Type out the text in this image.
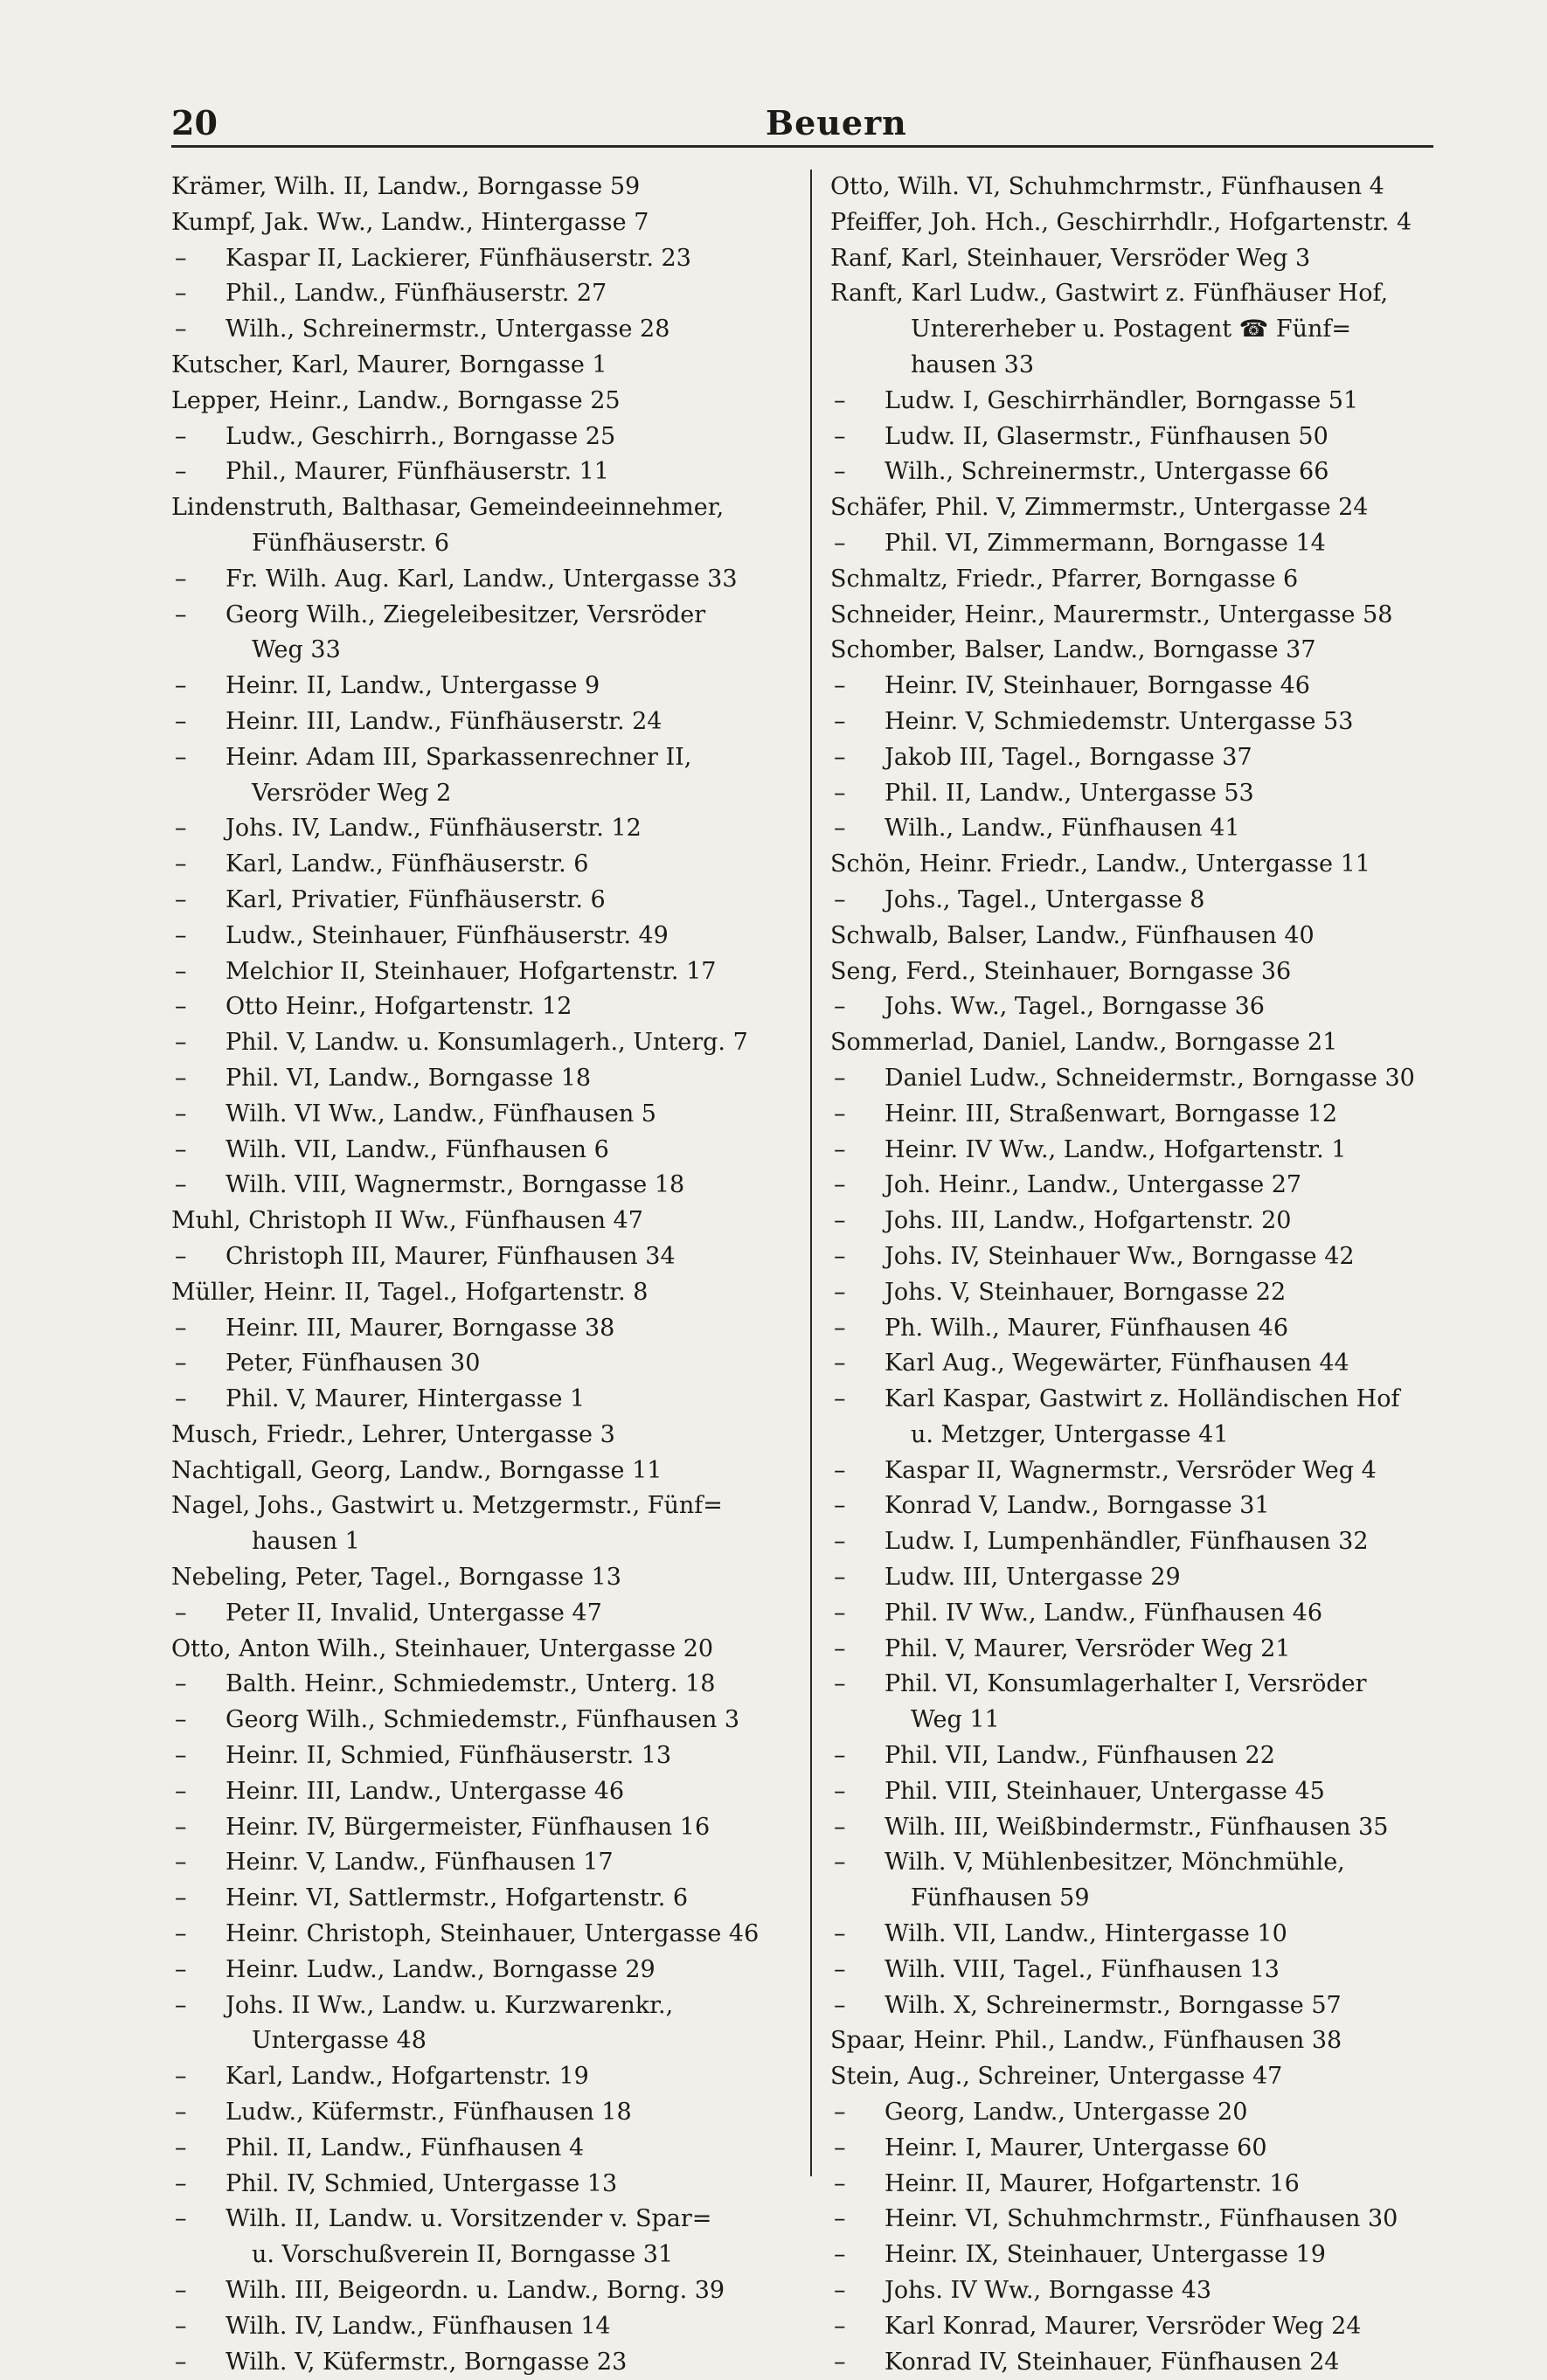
20	Beuern
Krämer, Wilh. II, Landw., Borngasse 59
Kumpf, Jak. Ww., Landw., Hintergasse 7
– Kaspar II, Lackierer, Fünfhäuserstr. 23
– Phil., Landw., Fünfhäuserstr. 27
– Wilh., Schreinermstr., Untergasse 28
Kutscher, Karl, Maurer, Borngasse 1
Lepper, Heinr., Landw., Borngasse 25
– Ludw., Geschirrh., Borngasse 25
– Phil., Maurer, Fünfhäuserstr. 11
Lindenstruth, Balthasar, Gemeindeeinnehmer,
Fünfhäuserstr. 6
– Fr. Wilh. Aug. Karl, Landw., Untergasse 33
– Georg Wilh., Ziegeleibesitzer, Versröder
Weg 33
– Heinr. II, Landw., Untergasse 9
– Heinr. III, Landw., Fünfhäuserstr. 24
– Heinr. Adam III, Sparkassenrechner II,
Versröder Weg 2
– Johs. IV, Landw., Fünfhäuserstr. 12
– Karl, Landw., Fünfhäuserstr. 6
– Karl, Privatier, Fünfhäuserstr. 6
– Ludw., Steinhauer, Fünfhäuserstr. 49
– Melchior II, Steinhauer, Hofgartenstr. 17
– Otto Heinr., Hofgartenstr. 12
– Phil. V, Landw. u. Konsumlagerh., Unterg. 7
– Phil. VI, Landw., Borngasse 18
– Wilh. VI Ww., Landw., Fünfhausen 5
– Wilh. VII, Landw., Fünfhausen 6
– Wilh. VIII, Wagnermstr., Borngasse 18
Muhl, Christoph II Ww., Fünfhausen 47
– Christoph III, Maurer, Fünfhausen 34
Müller, Heinr. II, Tagel., Hofgartenstr. 8
– Heinr. III, Maurer, Borngasse 38
– Peter, Fünfhausen 30
– Phil. V, Maurer, Hintergasse 1
Musch, Friedr., Lehrer, Untergasse 3
Nachtigall, Georg, Landw., Borngasse 11
Nagel, Johs., Gastwirt u. Metzgermstr., Fünf=
hausen 1
Nebeling, Peter, Tagel., Borngasse 13
– Peter II, Invalid, Untergasse 47
Otto, Anton Wilh., Steinhauer, Untergasse 20
– Balth. Heinr., Schmiedemstr., Unterg. 18
– Georg Wilh., Schmiedemstr., Fünfhausen 3
– Heinr. II, Schmied, Fünfhäuserstr. 13
– Heinr. III, Landw., Untergasse 46
– Heinr. IV, Bürgermeister, Fünfhausen 16
– Heinr. V, Landw., Fünfhausen 17
– Heinr. VI, Sattlermstr., Hofgartenstr. 6
– Heinr. Christoph, Steinhauer, Untergasse 46
– Heinr. Ludw., Landw., Borngasse 29
– Johs. II Ww., Landw. u. Kurzwarenkr.,
Untergasse 48
– Karl, Landw., Hofgartenstr. 19
– Ludw., Küfermstr., Fünfhausen 18
– Phil. II, Landw., Fünfhausen 4
– Phil. IV, Schmied, Untergasse 13
– Wilh. II, Landw. u. Vorsitzender v. Spar=
u. Vorschußverein II, Borngasse 31
– Wilh. III, Beigeordn. u. Landw., Borng. 39
– Wilh. IV, Landw., Fünfhausen 14
– Wilh. V, Küfermstr., Borngasse 23
Otto, Wilh. VI, Schuhmchrmstr., Fünfhausen 4
Pfeiffer, Joh. Hch., Geschirrhdlr., Hofgartenstr. 4
Ranf, Karl, Steinhauer, Versröder Weg 3
Ranft, Karl Ludw., Gastwirt z. Fünfhäuser Hof,
Untererheber u. Postagent ☎ Fünf=
hausen 33
– Ludw. I, Geschirrhändler, Borngasse 51
– Ludw. II, Glasermstr., Fünfhausen 50
– Wilh., Schreinermstr., Untergasse 66
Schäfer, Phil. V, Zimmermstr., Untergasse 24
– Phil. VI, Zimmermann, Borngasse 14
Schmaltz, Friedr., Pfarrer, Borngasse 6
Schneider, Heinr., Maurermstr., Untergasse 58
Schomber, Balser, Landw., Borngasse 37
– Heinr. IV, Steinhauer, Borngasse 46
– Heinr. V, Schmiedemstr. Untergasse 53
– Jakob III, Tagel., Borngasse 37
– Phil. II, Landw., Untergasse 53
– Wilh., Landw., Fünfhausen 41
Schön, Heinr. Friedr., Landw., Untergasse 11
– Johs., Tagel., Untergasse 8
Schwalb, Balser, Landw., Fünfhausen 40
Seng, Ferd., Steinhauer, Borngasse 36
– Johs. Ww., Tagel., Borngasse 36
Sommerlad, Daniel, Landw., Borngasse 21
– Daniel Ludw., Schneidermstr., Borngasse 30
– Heinr. III, Straßenwart, Borngasse 12
– Heinr. IV Ww., Landw., Hofgartenstr. 1
– Joh. Heinr., Landw., Untergasse 27
– Johs. III, Landw., Hofgartenstr. 20
– Johs. IV, Steinhauer Ww., Borngasse 42
– Johs. V, Steinhauer, Borngasse 22
– Ph. Wilh., Maurer, Fünfhausen 46
– Karl Aug., Wegewärter, Fünfhausen 44
– Karl Kaspar, Gastwirt z. Holländischen Hof
u. Metzger, Untergasse 41
– Kaspar II, Wagnermstr., Versröder Weg 4
– Konrad V, Landw., Borngasse 31
– Ludw. I, Lumpenhändler, Fünfhausen 32
– Ludw. III, Untergasse 29
– Phil. IV Ww., Landw., Fünfhausen 46
– Phil. V, Maurer, Versröder Weg 21
– Phil. VI, Konsumlagerhalter I, Versröder
Weg 11
– Phil. VII, Landw., Fünfhausen 22
– Phil. VIII, Steinhauer, Untergasse 45
– Wilh. III, Weißbindermstr., Fünfhausen 35
– Wilh. V, Mühlenbesitzer, Mönchmühle,
Fünfhausen 59
– Wilh. VII, Landw., Hintergasse 10
– Wilh. VIII, Tagel., Fünfhausen 13
– Wilh. X, Schreinermstr., Borngasse 57
Spaar, Heinr. Phil., Landw., Fünfhausen 38
Stein, Aug., Schreiner, Untergasse 47
– Georg, Landw., Untergasse 20
– Heinr. I, Maurer, Untergasse 60
– Heinr. II, Maurer, Hofgartenstr. 16
– Heinr. VI, Schuhmchrmstr., Fünfhausen 30
– Heinr. IX, Steinhauer, Untergasse 19
– Johs. IV Ww., Borngasse 43
– Karl Konrad, Maurer, Versröder Weg 24
– Konrad IV, Steinhauer, Fünfhausen 24
